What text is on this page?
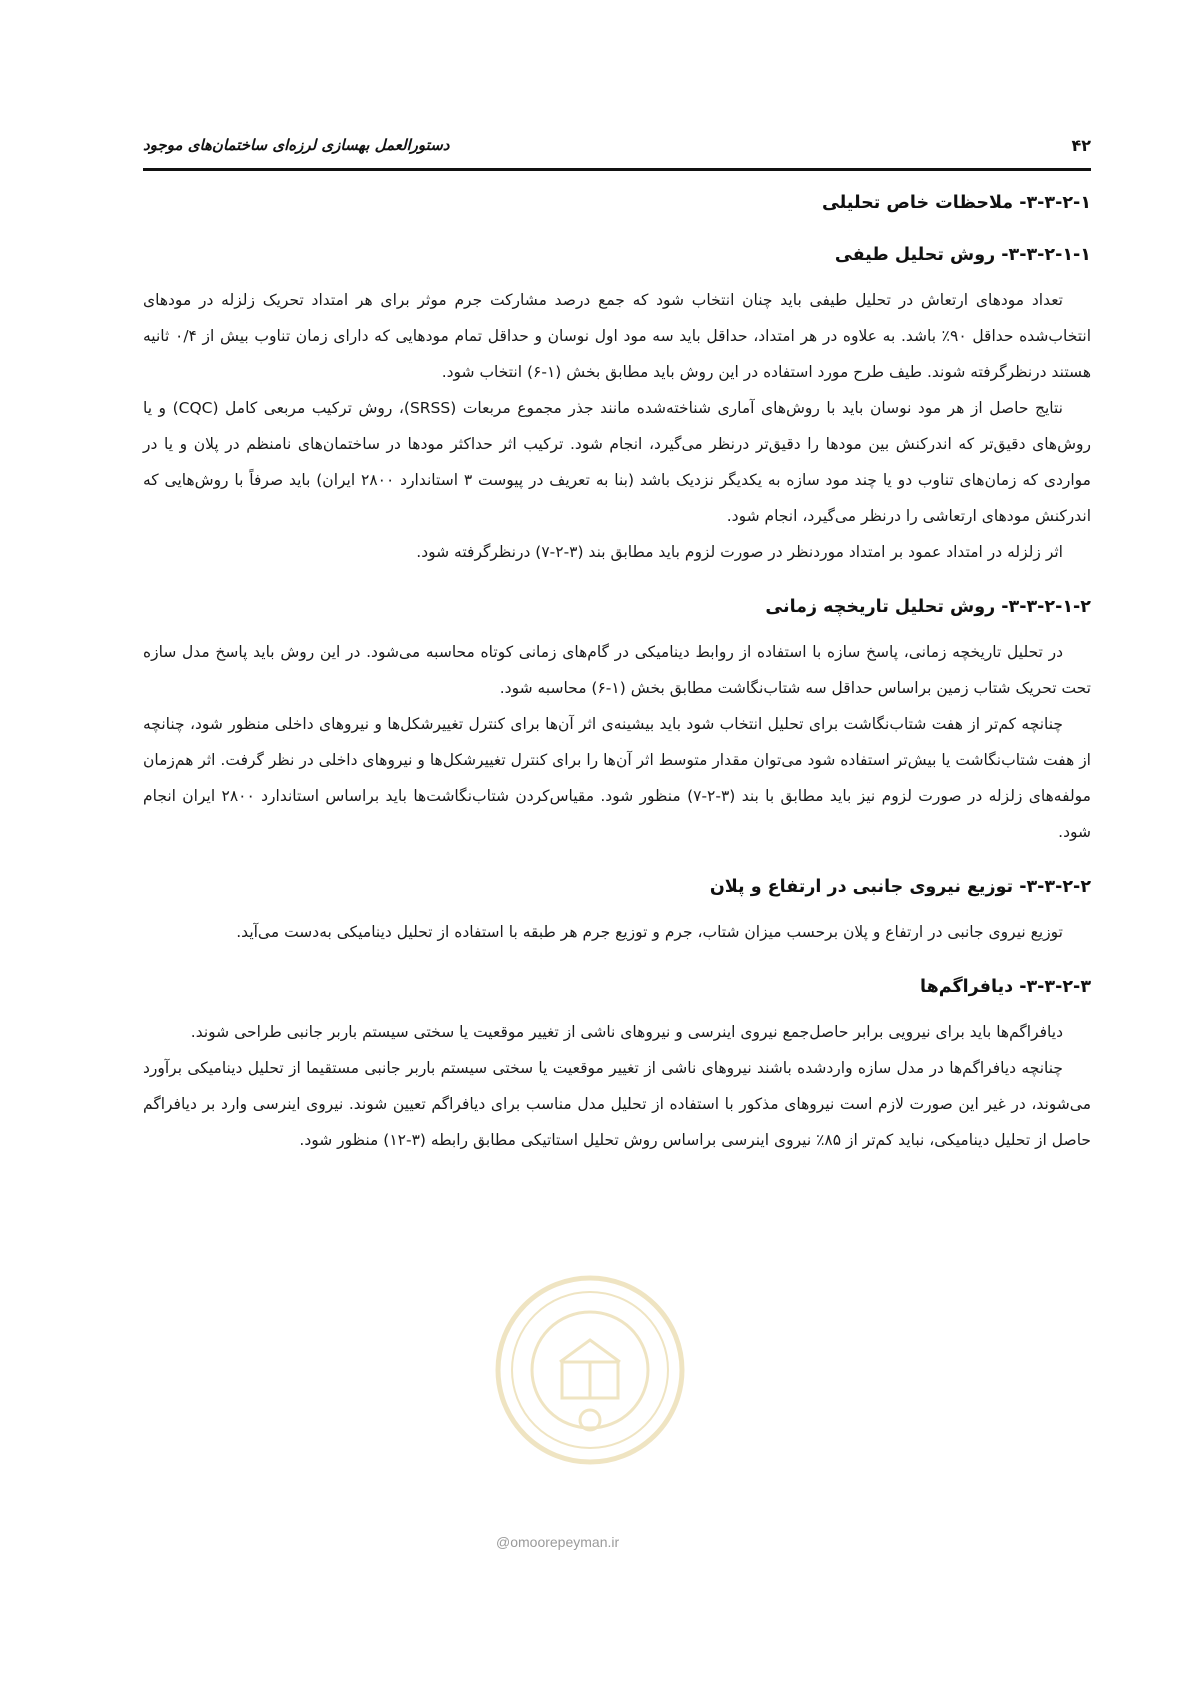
۴۲
دستورالعمل بهسازی لرزه‌ای ساختمان‌های موجود
۳-۳-۲-۱- ملاحظات خاص تحلیلی
۳-۳-۲-۱-۱- روش تحلیل طیفی

تعداد مودهای ارتعاش در تحلیل طیفی باید چنان انتخاب شود که جمع درصد مشارکت جرم موثر برای هر امتداد تحریک زلزله در مودهای انتخاب‌شده حداقل ۹۰٪ باشد. به علاوه در هر امتداد، حداقل باید سه مود اول نوسان و حداقل تمام مودهایی که دارای زمان تناوب بیش از ۰/۴ ثانیه هستند درنظرگرفته شوند. طیف طرح مورد استفاده در این روش باید مطابق بخش (۱-۶) انتخاب شود.

نتایج حاصل از هر مود نوسان باید با روش‌های آماری شناخته‌شده مانند جذر مجموع مربعات (SRSS)، روش ترکیب مربعی کامل (CQC) و یا روش‌های دقیق‌تر که اندرکنش بین مودها را دقیق‌تر درنظر می‌گیرد، انجام شود. ترکیب اثر حداکثر مودها در ساختمان‌های نامنظم در پلان و یا در مواردی که زمان‌های تناوب دو یا چند مود سازه به یکدیگر نزدیک باشد (بنا به تعریف در پیوست ۳ استاندارد ۲۸۰۰ ایران) باید صرفاً با روش‌هایی که اندرکنش مودهای ارتعاشی را درنظر می‌گیرد، انجام شود.

اثر زلزله در امتداد عمود بر امتداد موردنظر در صورت لزوم باید مطابق بند (۳-۲-۷) درنظرگرفته شود.

۳-۳-۲-۱-۲- روش تحلیل تاریخچه زمانی

در تحلیل تاریخچه زمانی، پاسخ سازه با استفاده از روابط دینامیکی در گام‌های زمانی کوتاه محاسبه می‌شود. در این روش باید پاسخ مدل سازه تحت تحریک شتاب زمین براساس حداقل سه شتاب‌نگاشت مطابق بخش (۱-۶) محاسبه شود.

چنانچه کم‌تر از هفت شتاب‌نگاشت برای تحلیل انتخاب شود باید بیشینه‌ی اثر آن‌ها برای کنترل تغییرشکل‌ها و نیروهای داخلی منظور شود، چنانچه از هفت شتاب‌نگاشت یا بیش‌تر استفاده شود می‌توان مقدار متوسط اثر آن‌ها را برای کنترل تغییرشکل‌ها و نیروهای داخلی در نظر گرفت. اثر هم‌زمان مولفه‌های زلزله در صورت لزوم نیز باید مطابق با بند (۳-۲-۷) منظور شود. مقیاس‌کردن شتاب‌نگاشت‌ها باید براساس استاندارد ۲۸۰۰ ایران انجام شود.

۳-۳-۲-۲- توزیع نیروی جانبی در ارتفاع و پلان

توزیع نیروی جانبی در ارتفاع و پلان برحسب میزان شتاب، جرم و توزیع جرم هر طبقه با استفاده از تحلیل دینامیکی به‌دست می‌آید.

۳-۳-۲-۳- دیافراگم‌ها

دیافراگم‌ها باید برای نیرویی برابر حاصل‌جمع نیروی اینرسی و نیروهای ناشی از تغییر موقعیت یا سختی سیستم باربر جانبی طراحی شوند.

چنانچه دیافراگم‌ها در مدل سازه واردشده باشند نیروهای ناشی از تغییر موقعیت یا سختی سیستم باربر جانبی مستقیما از تحلیل دینامیکی برآورد می‌شوند، در غیر این صورت لازم است نیروهای مذکور با استفاده از تحلیل مدل مناسب برای دیافراگم تعیین شوند. نیروی اینرسی وارد بر دیافراگم حاصل از تحلیل دینامیکی، نباید کم‌تر از ۸۵٪ نیروی اینرسی براساس روش تحلیل استاتیکی مطابق رابطه (۳-۱۲) منظور شود.

@omoorepeyman.ir
